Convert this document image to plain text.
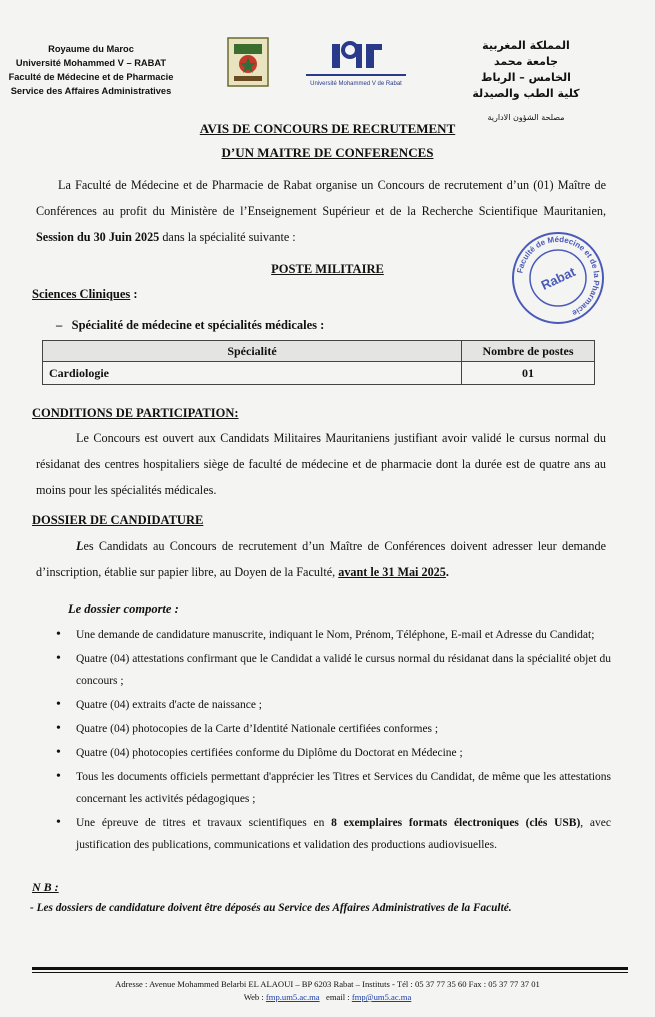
Royaume du Maroc
Université Mohammed V – RABAT
Faculté de Médecine et de Pharmacie
Service des Affaires Administratives
Université Mohammed V de Rabat
المملكة المغربية
جامعة محمد الخامس – الرباط
كلية الطب والصيدلة
مصلحة الشؤون الادارية
AVIS DE CONCOURS DE RECRUTEMENT
D’UN MAITRE DE CONFERENCES
La Faculté de Médecine et de Pharmacie de Rabat organise un Concours de recrutement d’un (01) Maître de Conférences au profit du Ministère de l’Enseignement Supérieur et de la Recherche Scientifique Mauritanien, Session du 30 Juin 2025 dans la spécialité suivante :
Faculté de Médecine et de la Pharmacie
Rabat
POSTE MILITAIRE
Sciences Cliniques :
–   Spécialité de médecine et spécialités médicales :
Spécialité	Nombre de postes
Cardiologie	01
CONDITIONS DE PARTICIPATION:
Le Concours est ouvert aux Candidats Militaires Mauritaniens justifiant avoir validé le cursus normal du résidanat des centres hospitaliers siège de faculté de médecine et de pharmacie dont la durée est de quatre ans au moins pour les spécialités médicales.
DOSSIER DE CANDIDATURE
Les Candidats au Concours de recrutement d’un Maître de Conférences doivent adresser leur demande d’inscription, établie sur papier libre, au Doyen de la Faculté, avant le 31 Mai 2025.
Le dossier comporte :
• Une demande de candidature manuscrite, indiquant le Nom, Prénom, Téléphone, E-mail et Adresse du Candidat;
• Quatre (04) attestations confirmant que le Candidat a validé le cursus normal du résidanat dans la spécialité objet du concours ;
• Quatre (04) extraits d'acte de naissance ;
• Quatre (04) photocopies de la Carte d’Identité Nationale certifiées conformes ;
• Quatre (04) photocopies certifiées conforme du Diplôme du Doctorat en Médecine ;
• Tous les documents officiels permettant d'apprécier les Titres et Services du Candidat, de même que les attestations concernant les activités pédagogiques ;
• Une épreuve de titres et travaux scientifiques en 8 exemplaires formats électroniques (clés USB), avec justification des publications, communications et validation des productions audiovisuelles.
N B :
- Les dossiers de candidature doivent être déposés au Service des Affaires Administratives de la Faculté.
Adresse : Avenue Mohammed Belarbi EL ALAOUI – BP 6203 Rabat – Instituts - Tél : 05 37 77 35 60 Fax : 05 37 77 37 01
Web : fmp.um5.ac.ma   email : fmp@um5.ac.ma
